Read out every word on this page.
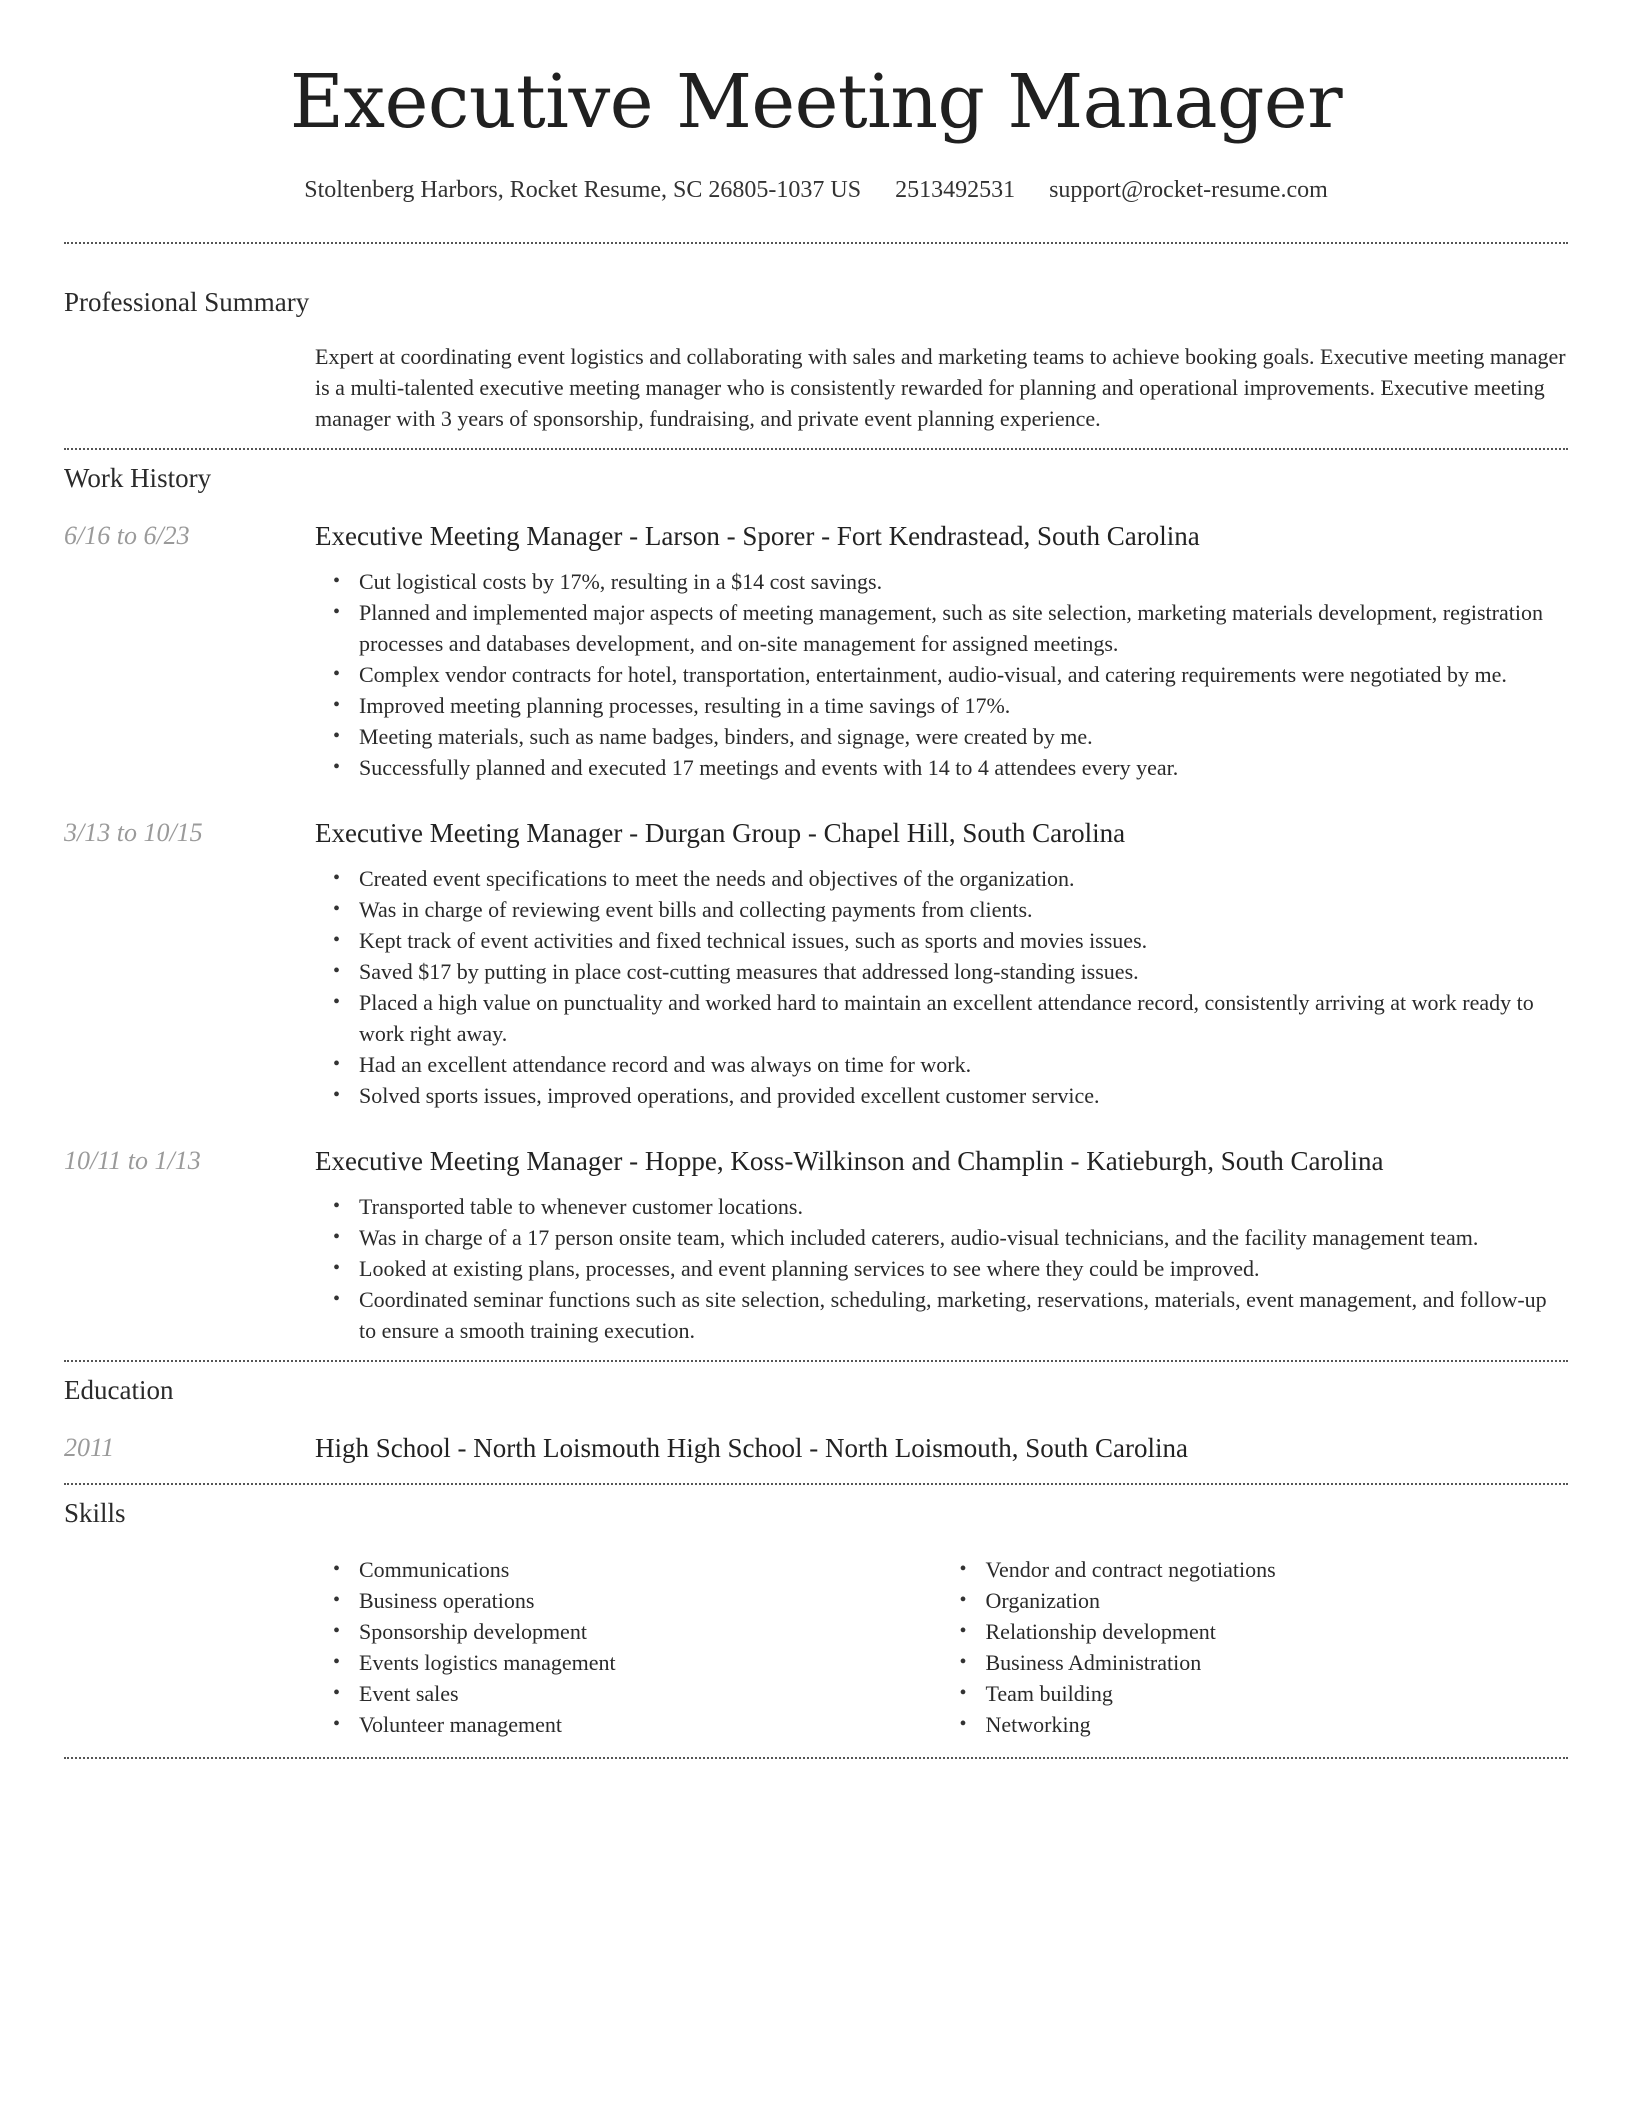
Executive Meeting Manager
Stoltenberg Harbors, Rocket Resume, SC 26805-1037 US 2513492531 support@rocket-resume.com
Professional Summary

Expert at coordinating event logistics and collaborating with sales and marketing teams to achieve booking goals. Executive meeting manager is a multi-talented executive meeting manager who is consistently rewarded for planning and operational improvements. Executive meeting manager with 3 years of sponsorship, fundraising, and private event planning experience.

Work History
6/16 to 6/23	Executive Meeting Manager - Larson - Sporer - Fort Kendrastead, South Carolina
• Cut logistical costs by 17%, resulting in a $14 cost savings.
• Planned and implemented major aspects of meeting management, such as site selection, marketing materials development, registration processes and databases development, and on-site management for assigned meetings.
• Complex vendor contracts for hotel, transportation, entertainment, audio-visual, and catering requirements were negotiated by me.
• Improved meeting planning processes, resulting in a time savings of 17%.
• Meeting materials, such as name badges, binders, and signage, were created by me.
• Successfully planned and executed 17 meetings and events with 14 to 4 attendees every year.
3/13 to 10/15	Executive Meeting Manager - Durgan Group - Chapel Hill, South Carolina
• Created event specifications to meet the needs and objectives of the organization.
• Was in charge of reviewing event bills and collecting payments from clients.
• Kept track of event activities and fixed technical issues, such as sports and movies issues.
• Saved $17 by putting in place cost-cutting measures that addressed long-standing issues.
• Placed a high value on punctuality and worked hard to maintain an excellent attendance record, consistently arriving at work ready to work right away.
• Had an excellent attendance record and was always on time for work.
• Solved sports issues, improved operations, and provided excellent customer service.
10/11 to 1/13	Executive Meeting Manager - Hoppe, Koss-Wilkinson and Champlin - Katieburgh, South Carolina
• Transported table to whenever customer locations.
• Was in charge of a 17 person onsite team, which included caterers, audio-visual technicians, and the facility management team.
• Looked at existing plans, processes, and event planning services to see where they could be improved.
• Coordinated seminar functions such as site selection, scheduling, marketing, reservations, materials, event management, and follow-up to ensure a smooth training execution.
Education
2011	High School - North Loismouth High School - North Loismouth, South Carolina
Skills
• Communications
• Business operations
• Sponsorship development
• Events logistics management
• Event sales
• Volunteer management
• Vendor and contract negotiations
• Organization
• Relationship development
• Business Administration
• Team building
• Networking
